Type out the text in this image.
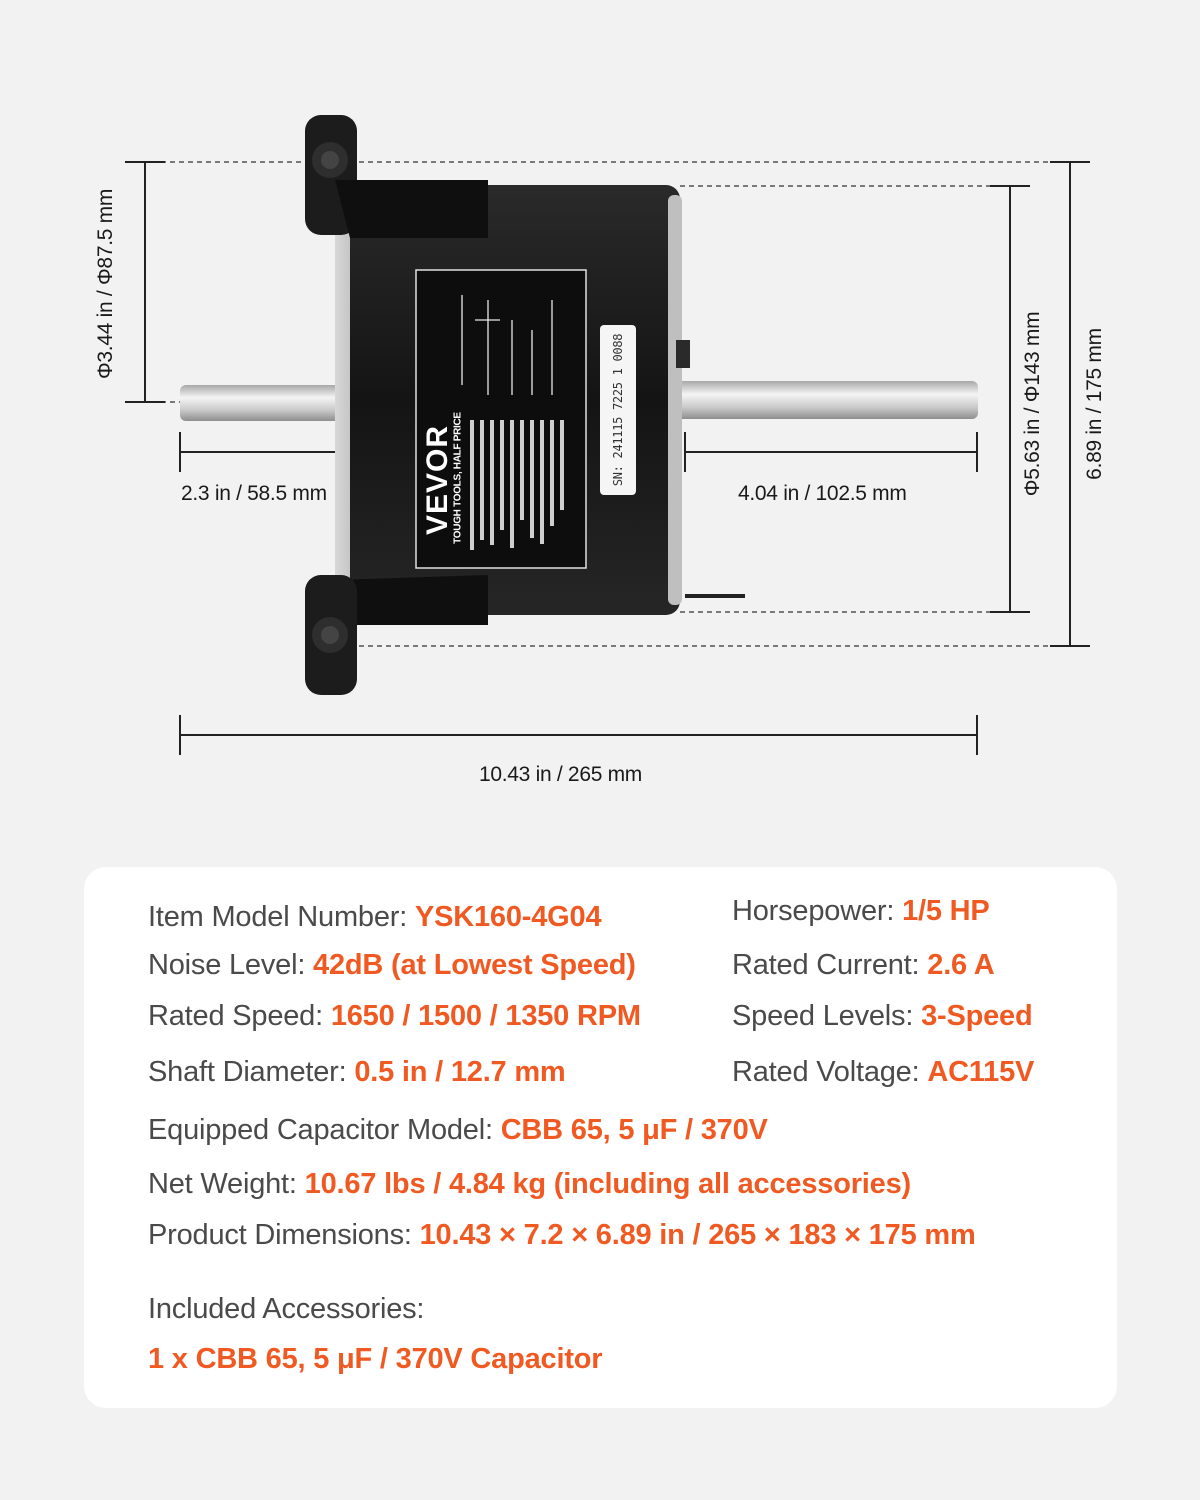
VEVOR
TOUGH TOOLS, HALF PRICE	SN: 241115 7225 1 0088
Φ3.44 in / Φ87.5 mm
2.3 in / 58.5 mm	4.04 in / 102.5 mm	Φ5.63 in / Φ143 mm 6.89 in / 175 mm
10.43 in / 265 mm
Item Model Number: YSK160-4G04	Horsepower: 1/5 HP
Noise Level: 42dB (at Lowest Speed)	Rated Current: 2.6 A
Rated Speed: 1650 / 1500 / 1350 RPM	Speed Levels: 3-Speed
Shaft Diameter: 0.5 in / 12.7 mm	Rated Voltage: AC115V
Equipped Capacitor Model: CBB 65, 5 μF / 370V
Net Weight: 10.67 lbs / 4.84 kg (including all accessories)
Product Dimensions: 10.43 × 7.2 × 6.89 in / 265 × 183 × 175 mm
Included Accessories:
1 x CBB 65, 5 μF / 370V Capacitor
